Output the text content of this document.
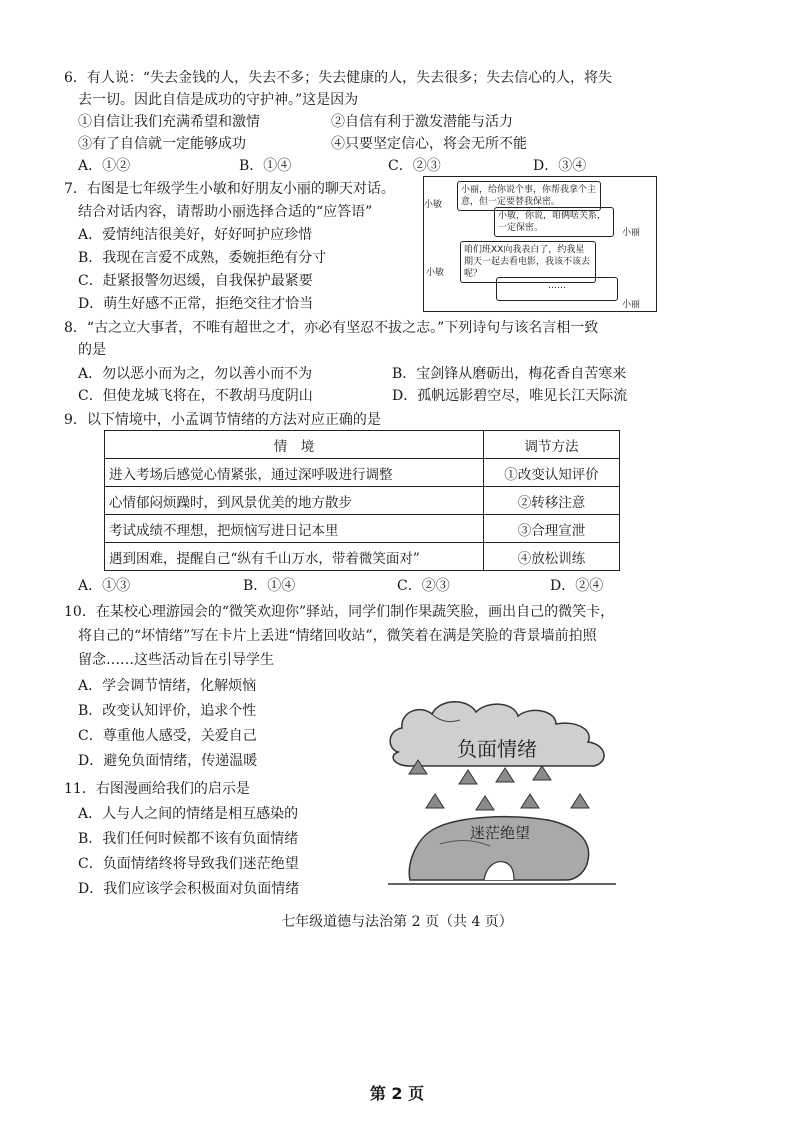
6．有人说：“失去金钱的人，失去不多；失去健康的人，失去很多；失去信心的人，将失
去一切。因此自信是成功的守护神。”这是因为
①自信让我们充满希望和激情	②自信有利于激发潜能与活力
③有了自信就一定能够成功	④只要坚定信心，将会无所不能
A．①②	B．①④	C．②③	D．③④
7．右图是七年级学生小敏和好朋友小丽的聊天对话。
结合对话内容，请帮助小丽选择合适的“应答语”
A．爱情纯洁很美好，好好呵护应珍惜
B．我现在言爱不成熟，委婉拒绝有分寸
C．赶紧报警勿迟缓，自我保护最紧要
D．萌生好感不正常，拒绝交往才恰当
小丽，给你说个事，你帮我拿个主意，但一定要替我保密。
小敏
小敏，你说，咱俩啥关系，一定保密。	小丽
咱们班XX向我表白了，约我星期天一起去看电影，我该不该去呢？
小敏
……
小丽
8．“古之立大事者，不唯有超世之才，亦必有坚忍不拔之志。”下列诗句与该名言相一致
的是
A．勿以恶小而为之，勿以善小而不为	B．宝剑锋从磨砺出，梅花香自苦寒来
C．但使龙城飞将在，不教胡马度阴山	D．孤帆远影碧空尽，唯见长江天际流
9．以下情境中，小孟调节情绪的方法对应正确的是
情　境	调节方法
进入考场后感觉心情紧张，通过深呼吸进行调整	①改变认知评价
心情郁闷烦躁时，到风景优美的地方散步	②转移注意
考试成绩不理想，把烦恼写进日记本里	③合理宣泄
遇到困难，提醒自己“纵有千山万水，带着微笑面对”	④放松训练
A．①③	B．①④	C．②③	D．②④
10．在某校心理游园会的“微笑欢迎你”驿站，同学们制作果蔬笑脸，画出自己的微笑卡，
将自己的“坏情绪”写在卡片上丢进“情绪回收站”，微笑着在满是笑脸的背景墙前拍照
留念……这些活动旨在引导学生
A．学会调节情绪，化解烦恼
B．改变认知评价，追求个性
C．尊重他人感受，关爱自己
D．避免负面情绪，传递温暖
11．右图漫画给我们的启示是
A．人与人之间的情绪是相互感染的
B．我们任何时候都不该有负面情绪
C．负面情绪终将导致我们迷茫绝望
D．我们应该学会积极面对负面情绪
负面情绪
迷茫绝望
七年级道德与法治第 2 页（共 4 页）
第 2 页
